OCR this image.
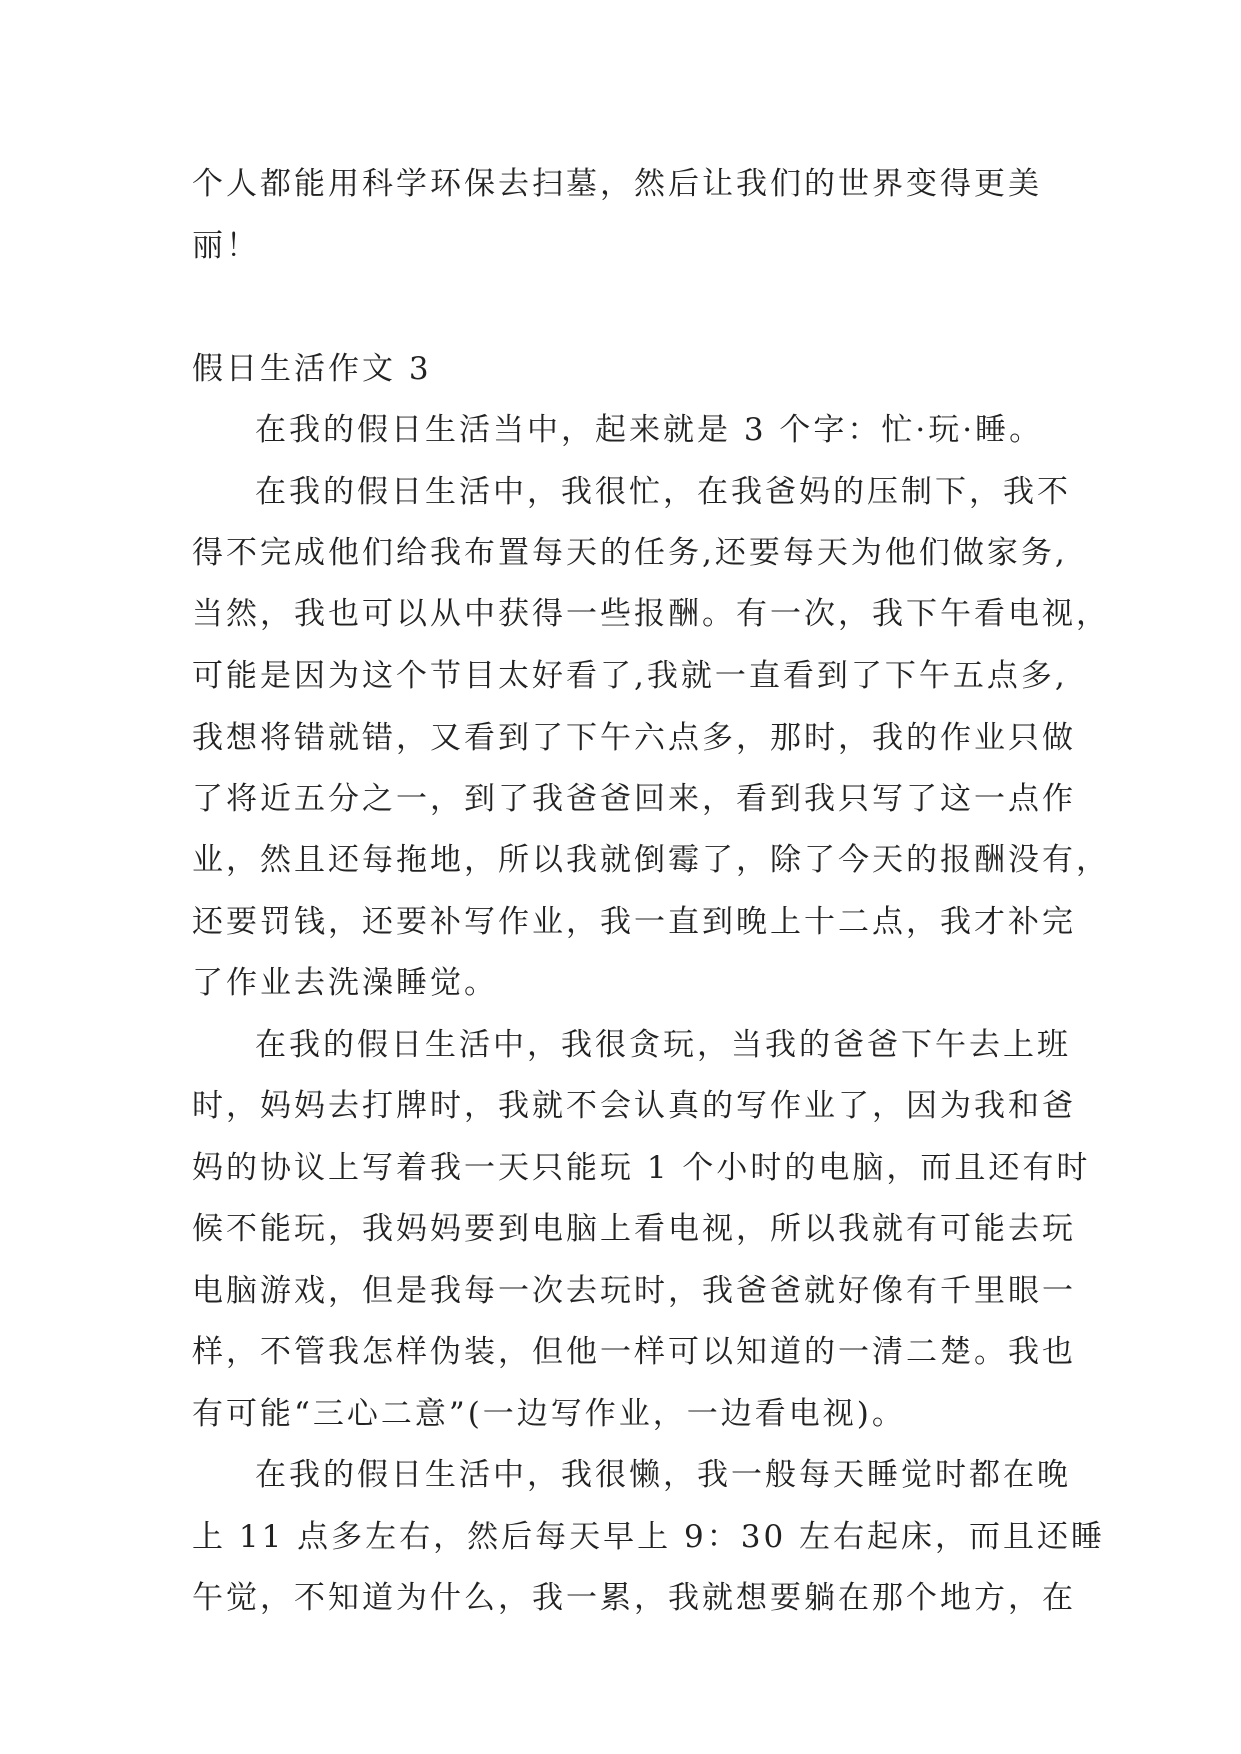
个人都能用科学环保去扫墓，然后让我们的世界变得更美
丽！
假日生活作文 3
在我的假日生活当中，起来就是 3 个字：忙·玩·睡。
在我的假日生活中，我很忙，在我爸妈的压制下，我不
得不完成他们给我布置每天的任务,还要每天为他们做家务,
当然，我也可以从中获得一些报酬。有一次，我下午看电视，
可能是因为这个节目太好看了,我就一直看到了下午五点多,
我想将错就错，又看到了下午六点多，那时，我的作业只做
了将近五分之一，到了我爸爸回来，看到我只写了这一点作
业，然且还每拖地，所以我就倒霉了，除了今天的报酬没有，
还要罚钱，还要补写作业，我一直到晚上十二点，我才补完
了作业去洗澡睡觉。
在我的假日生活中，我很贪玩，当我的爸爸下午去上班
时，妈妈去打牌时，我就不会认真的写作业了，因为我和爸
妈的协议上写着我一天只能玩 1 个小时的电脑，而且还有时
候不能玩，我妈妈要到电脑上看电视，所以我就有可能去玩
电脑游戏，但是我每一次去玩时，我爸爸就好像有千里眼一
样，不管我怎样伪装，但他一样可以知道的一清二楚。我也
有可能“三心二意”(一边写作业，一边看电视)。
在我的假日生活中，我很懒，我一般每天睡觉时都在晚
上 11 点多左右，然后每天早上 9：30 左右起床，而且还睡
午觉，不知道为什么，我一累，我就想要躺在那个地方，在
